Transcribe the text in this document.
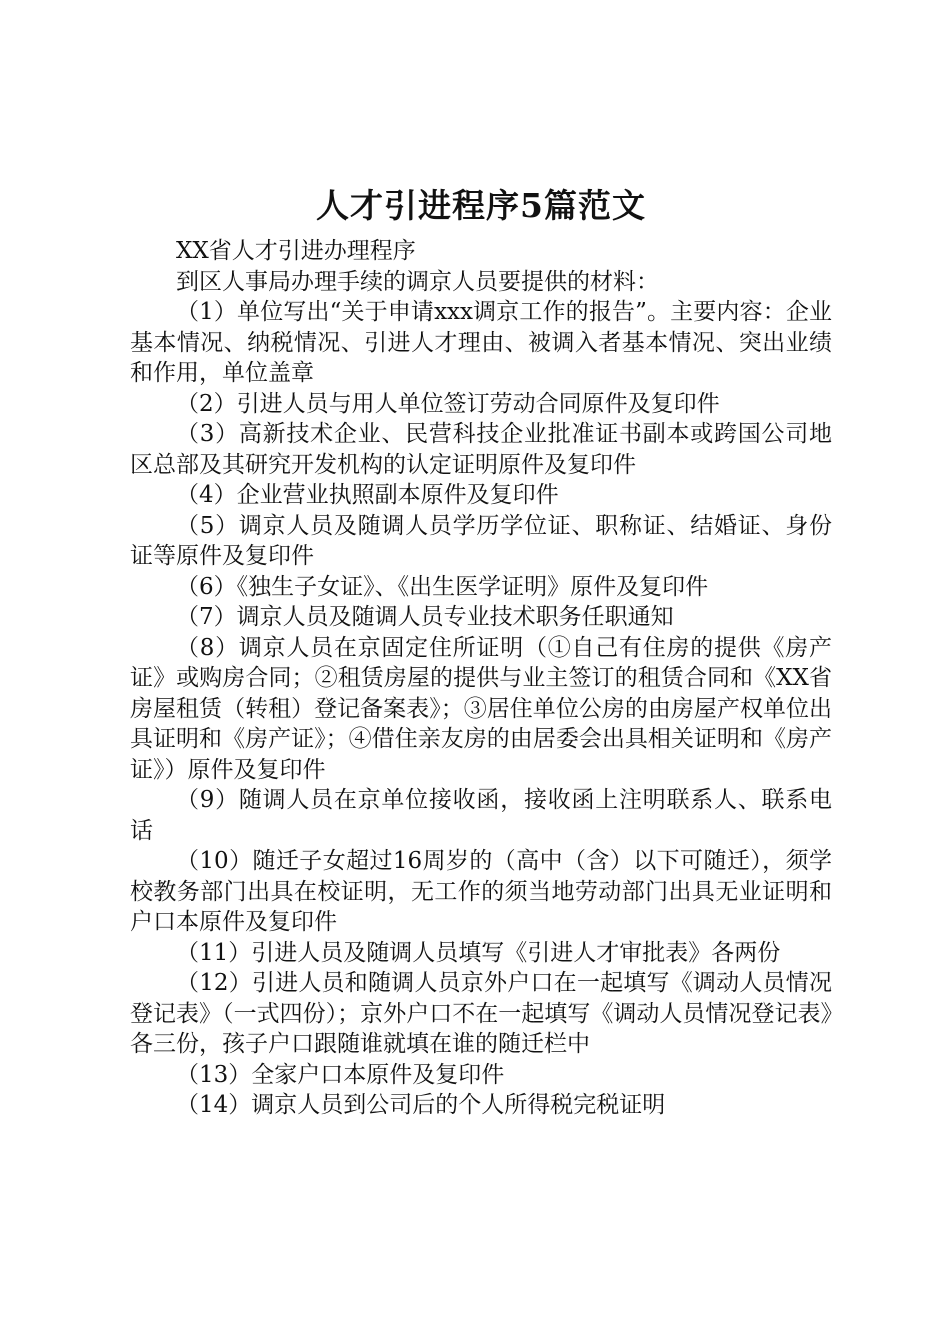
人才引进程序5篇范文

XX省人才引进办理程序

到区人事局办理手续的调京人员要提供的材料：

（1）单位写出“关于申请xxx调京工作的报告”。主要内容：企业基本情况、纳税情况、引进人才理由、被调入者基本情况、突出业绩和作用，单位盖章

（2）引进人员与用人单位签订劳动合同原件及复印件

（3）高新技术企业、民营科技企业批准证书副本或跨国公司地区总部及其研究开发机构的认定证明原件及复印件

（4）企业营业执照副本原件及复印件

（5）调京人员及随调人员学历学位证、职称证、结婚证、身份证等原件及复印件

（6）《独生子女证》、《出生医学证明》原件及复印件

（7）调京人员及随调人员专业技术职务任职通知

（8）调京人员在京固定住所证明（①自己有住房的提供《房产证》或购房合同；②租赁房屋的提供与业主签订的租赁合同和《XX省房屋租赁（转租）登记备案表》；③居住单位公房的由房屋产权单位出具证明和《房产证》；④借住亲友房的由居委会出具相关证明和《房产证》）原件及复印件

（9）随调人员在京单位接收函，接收函上注明联系人、联系电话

（10）随迁子女超过16周岁的（高中（含）以下可随迁），须学校教务部门出具在校证明，无工作的须当地劳动部门出具无业证明和户口本原件及复印件

（11）引进人员及随调人员填写《引进人才审批表》各两份

（12）引进人员和随调人员京外户口在一起填写《调动人员情况登记表》（一式四份）；京外户口不在一起填写《调动人员情况登记表》各三份，孩子户口跟随谁就填在谁的随迁栏中

（13）全家户口本原件及复印件

（14）调京人员到公司后的个人所得税完税证明
